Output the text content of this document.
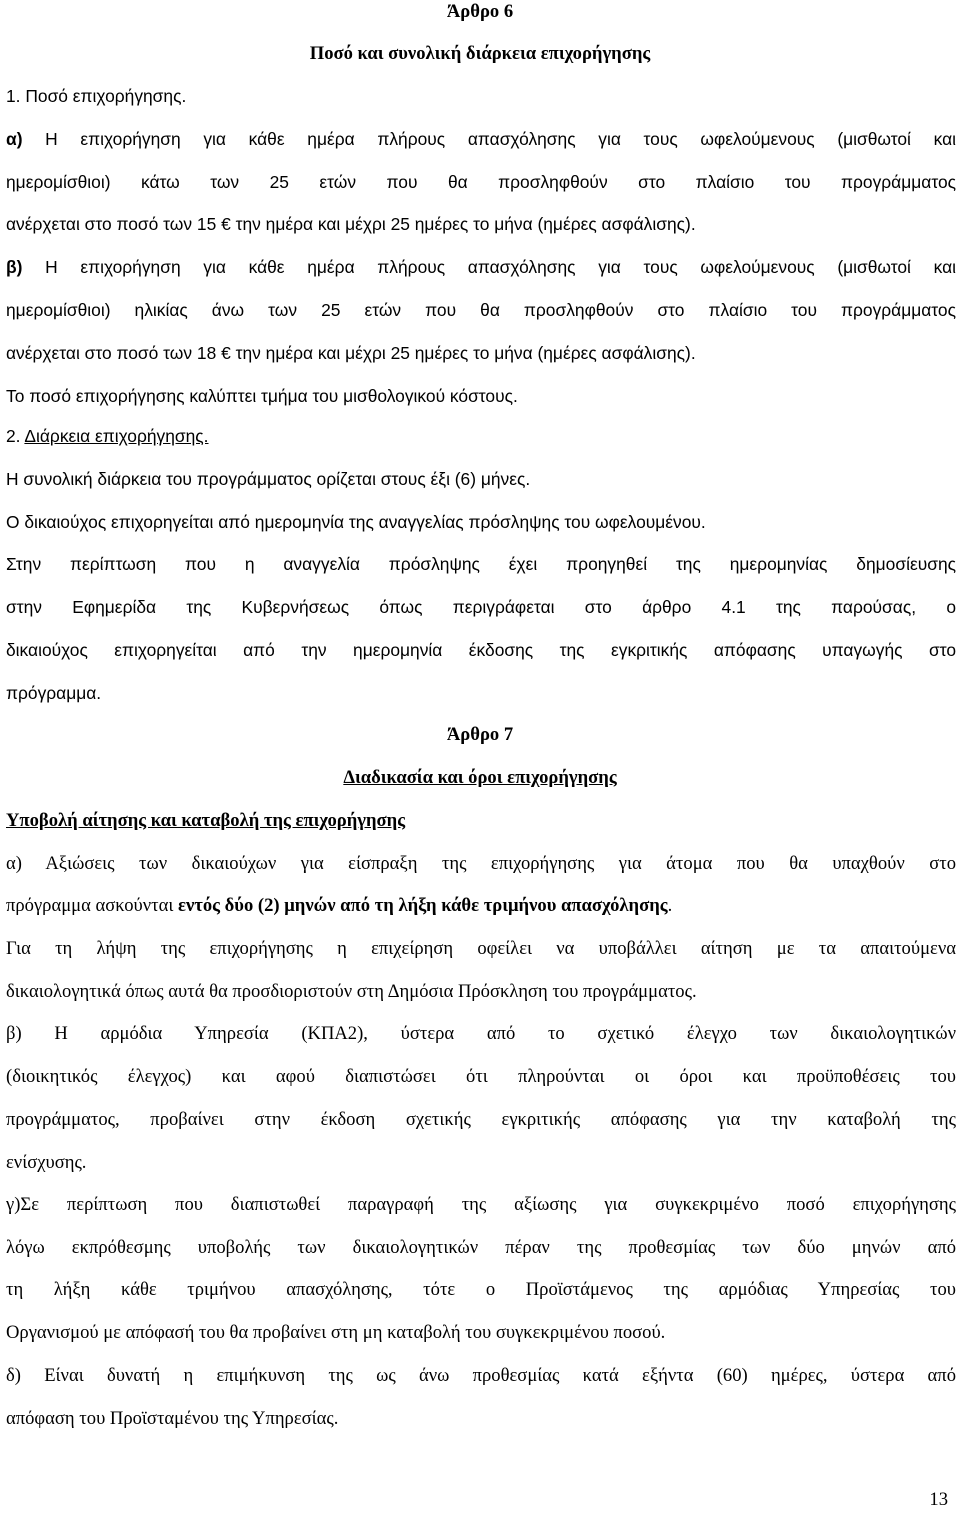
Άρθρο 6
Ποσό και συνολική διάρκεια επιχορήγησης
1. Ποσό επιχορήγησης.
α) Η επιχορήγηση για κάθε ημέρα πλήρους απασχόλησης για τους ωφελούμενους (μισθωτοί και
ημερομίσθιοι) κάτω των 25 ετών που θα προσληφθούν στο πλαίσιο του προγράμματος
ανέρχεται στο ποσό των 15 € την ημέρα και μέχρι 25 ημέρες το μήνα (ημέρες ασφάλισης).
β) Η επιχορήγηση για κάθε ημέρα πλήρους απασχόλησης για τους ωφελούμενους (μισθωτοί και
ημερομίσθιοι) ηλικίας άνω των 25 ετών που θα προσληφθούν στο πλαίσιο του προγράμματος
ανέρχεται στο ποσό των 18 € την ημέρα και μέχρι 25 ημέρες το μήνα (ημέρες ασφάλισης).
Το ποσό επιχορήγησης καλύπτει τμήμα του μισθολογικού κόστους.
2. Διάρκεια επιχορήγησης.
Η συνολική διάρκεια του προγράμματος ορίζεται στους έξι (6) μήνες.
Ο δικαιούχος επιχορηγείται από ημερομηνία της αναγγελίας πρόσληψης του ωφελουμένου.
Στην περίπτωση που η αναγγελία πρόσληψης έχει προηγηθεί της ημερομηνίας δημοσίευσης
στην Εφημερίδα της Κυβερνήσεως όπως περιγράφεται στο άρθρο 4.1 της παρούσας, ο
δικαιούχος επιχορηγείται από την ημερομηνία έκδοσης της εγκριτικής απόφασης υπαγωγής στο
πρόγραμμα.
Άρθρο 7
Διαδικασία και όροι επιχορήγησης
Υποβολή αίτησης και καταβολή της επιχορήγησης
α) Αξιώσεις των δικαιούχων για είσπραξη της επιχορήγησης για άτομα που θα υπαχθούν στο
πρόγραμμα ασκούνται εντός δύο (2) μηνών από τη λήξη κάθε τριμήνου απασχόλησης.
Για τη λήψη της επιχορήγησης η επιχείρηση οφείλει να υποβάλλει αίτηση με τα απαιτούμενα
δικαιολογητικά όπως αυτά θα προσδιοριστούν στη Δημόσια Πρόσκληση του προγράμματος.
β) Η αρμόδια Υπηρεσία (ΚΠΑ2), ύστερα από το σχετικό έλεγχο των δικαιολογητικών
(διοικητικός έλεγχος) και αφού διαπιστώσει ότι πληρούνται οι όροι και προϋποθέσεις του
προγράμματος, προβαίνει στην έκδοση σχετικής εγκριτικής απόφασης για την καταβολή της
ενίσχυσης.
γ)Σε περίπτωση που διαπιστωθεί παραγραφή της αξίωσης για συγκεκριμένο ποσό επιχορήγησης
λόγω εκπρόθεσμης υποβολής των δικαιολογητικών πέραν της προθεσμίας των δύο μηνών από
τη λήξη κάθε τριμήνου απασχόλησης, τότε ο Προϊστάμενος της αρμόδιας Υπηρεσίας του
Οργανισμού με απόφασή του θα προβαίνει στη μη καταβολή του συγκεκριμένου ποσού.
δ) Είναι δυνατή η επιμήκυνση της ως άνω προθεσμίας κατά εξήντα (60) ημέρες, ύστερα από
απόφαση του Προϊσταμένου της Υπηρεσίας.
13
